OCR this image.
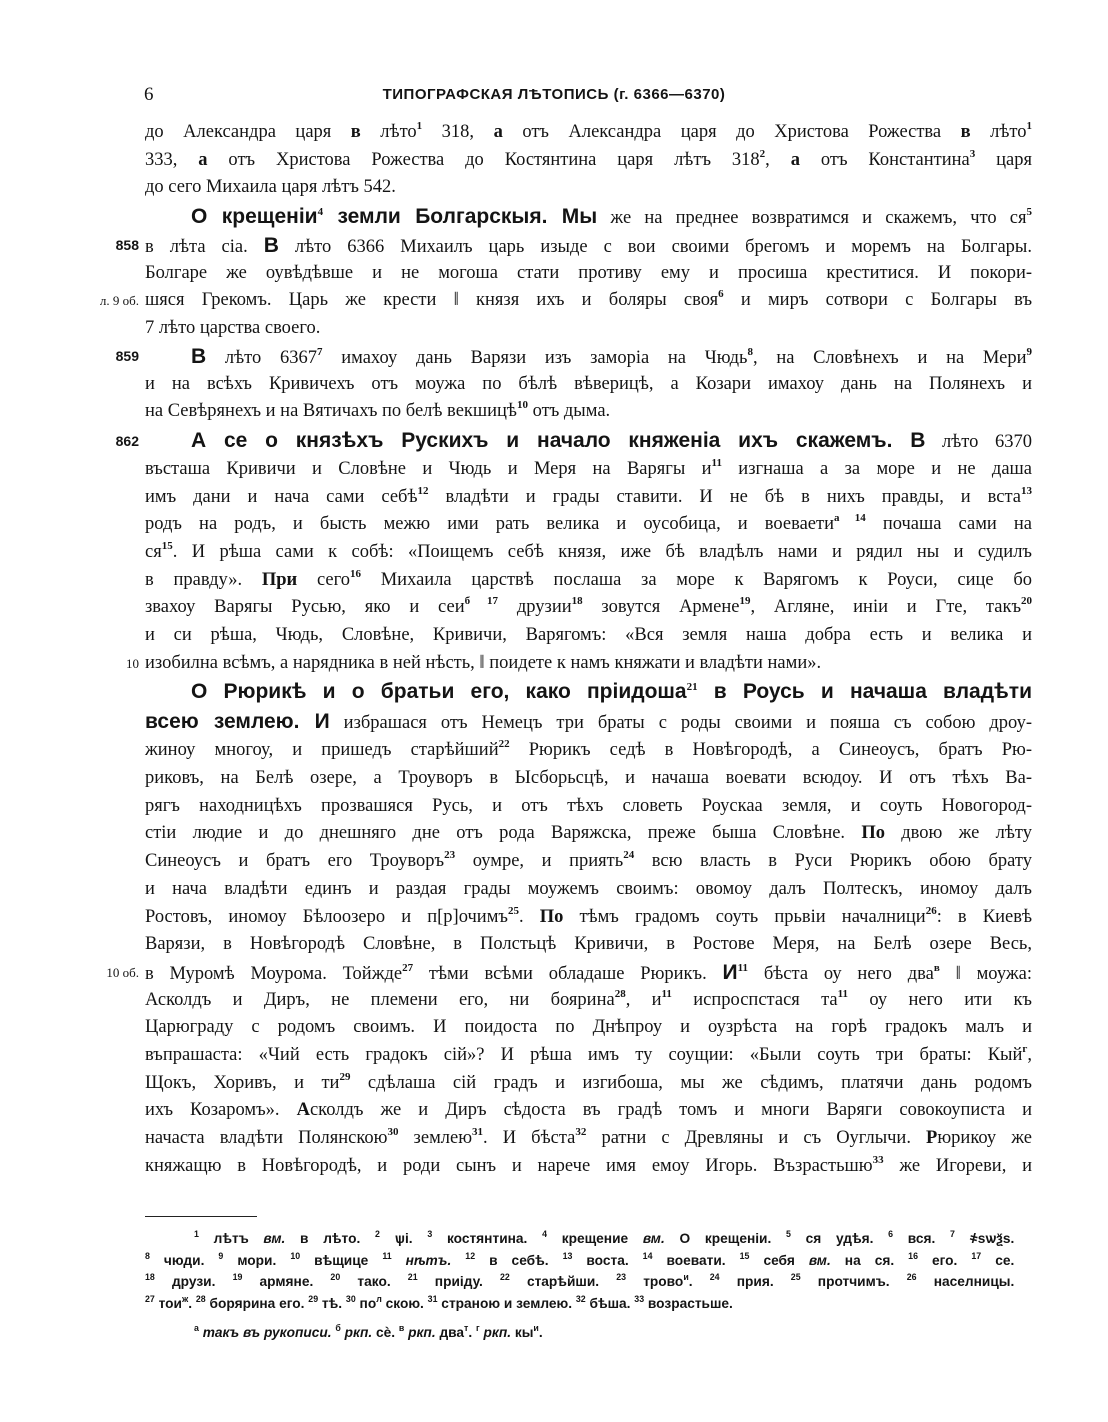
6	ТИПОГРАФСКАЯ ЛѢТОПИСЬ (г. 6366—6370)
до Александра царя в лѣто$^1$ 318, а отъ Александра царя до Христова Рожества в лѣто$^1$
333, а отъ Христова Рожества до Костянтина царя лѣтъ $318^2$, а отъ Константина$^3$ царя
до сего Михаила царя лѣтъ 542.
О крещеніи$^4$ земли Болгарскыя. Мы же на преднее возвратимся и скажемъ, что $ся^5$
858 в лѣта сіа. В лѣто 6366 Михаилъ царь изыде с вои своими брегомъ и моремъ на Болгары.
Болгаре же оувѣдѣвше и не могоша стати противу ему и просиша креститися. И покори-
л. 9 об. шяся Грекомъ. Царь же крести ‖ князя ихъ и боляры своя$^6$ и миръ сотвори с Болгары въ
7 лѣто царства своего.
859 В лѣто 6367$^7$ имахоу дань Варязи изъ заморіа на Чюдь$^8$, на Словѣнехъ и на Мери$^9$
и на всѣхъ Кривичехъ отъ моужа по бѣлѣ вѣверицѣ, а Козари имахоу дань на Полянехъ и
на Севѣрянехъ и на Вятичахъ по белѣ векшицѣ$^{10}$ отъ дыма.
862 А се о князѣхъ Рускихъ и начало княженіа ихъ скажемъ. В лѣто 6370
въсташа Кривичи и Словѣне и Чюдь и Меря на Варягы $и^{11}$ изгнаша а за море и не даша
имъ дани и нача сами себѣ$^{12}$ владѣти и грады ставити. И не бѣ в нихъ правды, и вста$^{13}$
родъ на родъ, и бысть межю ими рать велика и оусобица, и воеваети$^{а 14}$ почаша сами на
$ся^{15}$. И рѣша сами к собѣ: «Поищемъ себѣ князя, иже бѣ владѣлъ нами и рядил ны и судилъ
в правду». При сего$^{16}$ Михаила царствѣ послаша за море к Варягомъ к Роуси, сице бо
звахоу Варягы Русью, яко и сеи$^{б 17}$ друзии$^{18}$ зовутся Армене$^{19}$, Агляне, иніи и Гте, такъ$^{20}$
и си рѣша, Чюдь, Словѣне, Кривичи, Варягомъ: «Вся земля наша добра есть и велика и
10 изобилна всѣмъ, а нарядника в ней нѣсть, ‖ поидете к намъ княжати и владѣти нами».
О Рюрикѣ и о братьи его, како пріидоша$^{21}$ в Роусь и начаша владѣти
всею землею. И избрашася отъ Немецъ три браты с роды своими и пояша съ собою дроу-
жиноу многоу, и пришедъ старѣйший$^{22}$ Рюрикъ седѣ в Новѣгородѣ, а Синеоусъ, братъ Рю-
риковъ, на Белѣ озере, а Троуворъ в Ысборьсцѣ, и начаша воевати всюдоу. И отъ тѣхъ Ва-
рягъ находницѣхъ прозвашяся Русь, и отъ тѣхъ словеть Роускаа земля, и соуть Новогород-
стіи людие и до днешняго дне отъ рода Варяжска, преже быша Словѣне. По двою же лѣту
Синеоусъ и братъ его Троуворъ$^{23}$ оумре, и приять$^{24}$ всю власть в Руси Рюрикъ обою брату
и нача владѣти единъ и раздая грады моужемъ своимъ: овомоу далъ Полтескъ, иномоу далъ
Ростовъ, иномоу Бѣлоозеро и п[р]очимъ$^{25}$. По тѣмъ градомъ соуть прьвіи началници$^{26}$: в Киевѣ
Варязи, в Новѣгородѣ Словѣне, в Полстьцѣ Кривичи, в Ростове Меря, на Белѣ озере Весь,
10 об. в Муромѣ Моурома. Тойжде$^{27}$ тѣми всѣми обладаше Рюрикъ. $И^{11}$ бѣста оу него два$^в$ ‖ моужа:
Асколдъ и Диръ, не племени его, ни боярина$^{28}$, $и^{11}$ испроспстася $та^{11}$ оу него ити къ
Царюграду с родомъ своимъ. И поидоста по Днѣпроу и оузрѣста на горѣ градокъ малъ и
въпрашаста: «Чий есть градокъ сій»? И рѣша имъ ту соущии: «Были соуть три браты: Кый$^г$,
Щокъ, Хоривъ, и $ти^{29}$ сдѣлаша сій градъ и изгибоша, мы же сѣдимъ, платячи дань родомъ
ихъ Козаромъ». Асколдъ же и Диръ сѣдоста въ градѣ томъ и многи Варяги совокоуписта и
начаста владѣти Полянскою$^{30}$ землею$^{31}$. И бѣста$^{32}$ ратни с Древляны и съ Оуглычи. Рюрикоу же
княжащю в Новѣгородѣ, и роди сынъ и нарече имя емоу Игорь. Възрастьшю$^{33}$ же Игореви, и
$^1$ лѣтъ вм. в лѣто. $^2$ ѱі. $^3$ костянтина. $^4$ крещение вм. О крещеніи. $^5$ ся удѣя. $^6$ вся. $^7$ ҂ѕѡѯѕ.
$^8$ чюди. $^9$ мори. $^{10}$ вѣщице $^{11}$ нѣтъ. $^{12}$ в себѣ. $^{13}$ воста. $^{14}$ воевати. $^{15}$ себя вм. на ся. $^{16}$ его. $^{17}$ се.
$^{18}$ друзи. $^{19}$ армяне. $^{20}$ тако. $^{21}$ приіду. $^{22}$ старѣйши. $^{23}$ трово$^и$. $^{24}$ прия. $^{25}$ протчимъ. $^{26}$ населницы.
$^{27}$ тои$^ж$. $^{28}$ борярина его. $^{29}$ тѣ. $^{30}$ $по^л$ скою. $^{31}$ страною и землею. $^{32}$ бѣша. $^{33}$ возрастьше.
$^а$ такъ въ рукописи. $^б$ ркп. сѐ. $^в$ ркп. два$^т$. $^г$ ркп. $кы^и$.
